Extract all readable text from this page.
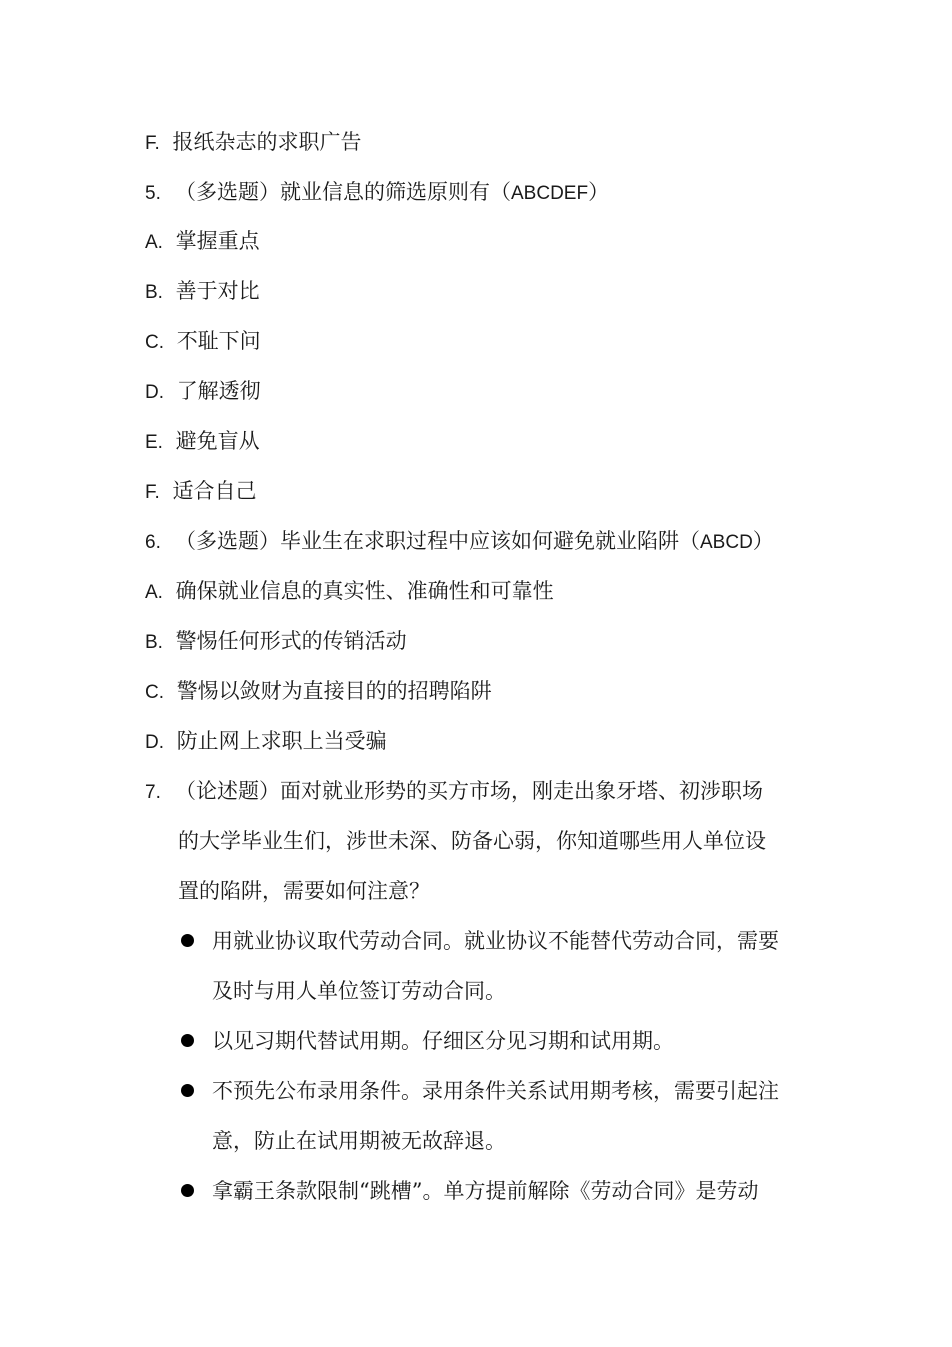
F. 报纸杂志的求职广告
5. （多选题）就业信息的筛选原则有（ABCDEF）
A. 掌握重点
B. 善于对比
C. 不耻下问
D. 了解透彻
E. 避免盲从
F. 适合自己
6. （多选题）毕业生在求职过程中应该如何避免就业陷阱（ABCD）
A. 确保就业信息的真实性、准确性和可靠性
B. 警惕任何形式的传销活动
C. 警惕以敛财为直接目的的招聘陷阱
D. 防止网上求职上当受骗
7. （论述题）面对就业形势的买方市场，刚走出象牙塔、初涉职场
的大学毕业生们，涉世未深、防备心弱，你知道哪些用人单位设
置的陷阱，需要如何注意？
用就业协议取代劳动合同。就业协议不能替代劳动合同，需要
及时与用人单位签订劳动合同。
以见习期代替试用期。仔细区分见习期和试用期。
不预先公布录用条件。录用条件关系试用期考核，需要引起注
意，防止在试用期被无故辞退。
拿霸王条款限制“跳槽”。单方提前解除《劳动合同》是劳动
